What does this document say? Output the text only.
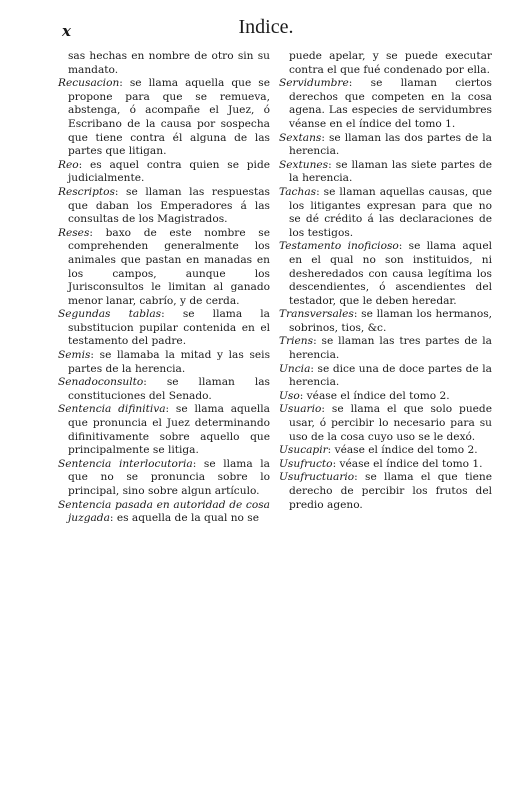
x	Indice.

sas hechas en nombre de otro sin su mandato.

Recusacion: se llama aquella que se propone para que se remueva, abstenga, ó acompañe el Juez, ó Escribano de la causa por sospecha que tiene contra él alguna de las partes que litigan.

Reo: es aquel contra quien se pide judicialmente.

Rescriptos: se llaman las respuestas que daban los Emperadores á las consultas de los Magistrados.

Reses: baxo de este nombre se comprehenden generalmente los animales que pastan en manadas en los campos, aunque los Jurisconsultos le limitan al ganado menor lanar, cabrío, y de cerda.

Segundas tablas: se llama la substitucion pupilar contenida en el testamento del padre.

Semis: se llamaba la mitad y las seis partes de la herencia.

Senadoconsulto: se llaman las constituciones del Senado.

Sentencia difinitiva: se llama aquella que pronuncia el Juez determinando difinitivamente sobre aquello que principalmente se litiga.

Sentencia interlocutoria: se llama la que no se pronuncia sobre lo principal, sino sobre algun artículo.

Sentencia pasada en autoridad de cosa juzgada: es aquella de la qual no se

puede apelar, y se puede executar contra el que fué condenado por ella.

Servidumbre: se llaman ciertos derechos que competen en la cosa agena. Las especies de servidumbres véanse en el índice del tomo 1.

Sextans: se llaman las dos partes de la herencia.

Sextunes: se llaman las siete partes de la herencia.

Tachas: se llaman aquellas causas, que los litigantes expresan para que no se dé crédito á las declaraciones de los testigos.

Testamento inoficioso: se llama aquel en el qual no son instituidos, ni desheredados con causa legítima los descendientes, ó ascendientes del testador, que le deben heredar.

Transversales: se llaman los hermanos, sobrinos, tios, &c.

Triens: se llaman las tres partes de la herencia.

Uncia: se dice una de doce partes de la herencia.

Uso: véase el índice del tomo 2.

Usuario: se llama el que solo puede usar, ó percibir lo necesario para su uso de la cosa cuyo uso se le dexó.

Usucapir: véase el índice del tomo 2.

Usufructo: véase el índice del tomo 1.

Usufructuario: se llama el que tiene derecho de percibir los frutos del predio ageno.
